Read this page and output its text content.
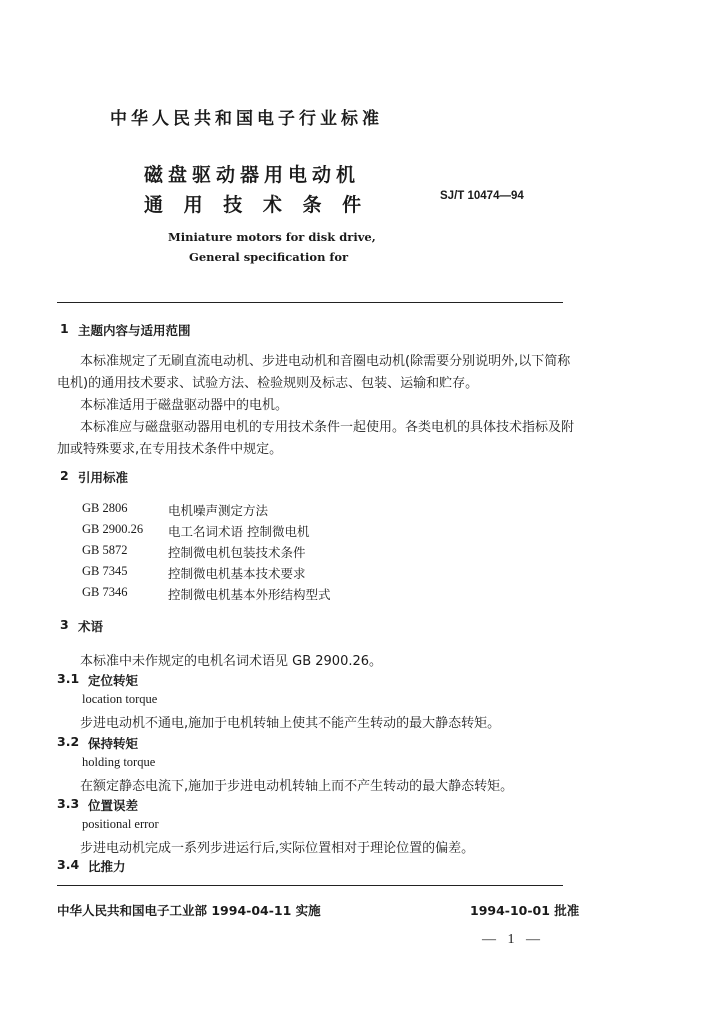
中华人民共和国电子行业标准
磁盘驱动器用电动机
通 用 技 术 条 件	SJ/T 10474—94
Miniature motors for disk drive,
General specification for
1 主题内容与适用范围
本标准规定了无刷直流电动机、步进电动机和音圈电动机(除需要分别说明外,以下简称
电机)的通用技术要求、试验方法、检验规则及标志、包装、运输和贮存。
本标准适用于磁盘驱动器中的电机。
本标准应与磁盘驱动器用电机的专用技术条件一起使用。各类电机的具体技术指标及附
加或特殊要求,在专用技术条件中规定。
2 引用标准
GB 2806	电机噪声测定方法
GB 2900.26 电工名词术语 控制微电机
GB 5872	控制微电机包装技术条件
GB 7345	控制微电机基本技术要求
GB 7346	控制微电机基本外形结构型式
3 术语
本标准中未作规定的电机名词术语见 GB 2900.26。
3.1 定位转矩
location torque
步进电动机不通电,施加于电机转轴上使其不能产生转动的最大静态转矩。
3.2 保持转矩
holding torque
在额定静态电流下,施加于步进电动机转轴上而不产生转动的最大静态转矩。
3.3 位置误差
positional error
步进电动机完成一系列步进运行后,实际位置相对于理论位置的偏差。
3.4 比推力
中华人民共和国电子工业部 1994-04-11 实施	1994-10-01 批准
— 1 —
